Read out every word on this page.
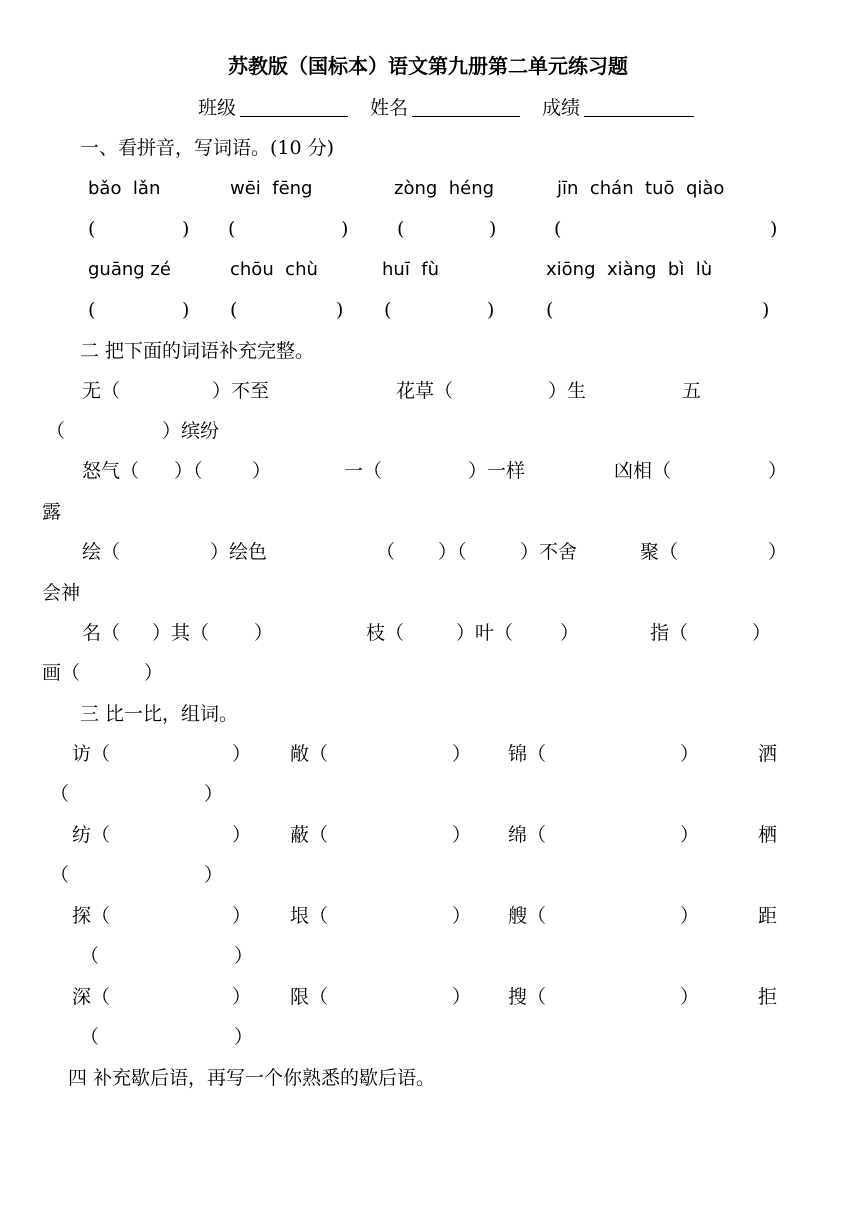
苏教版（国标本）语文第九册第二单元练习题
班级	姓名	成绩
一、看拼音，写词语。(10 分)
bǎo  lǎn	wēi  fēng	zòng  héng	jīn  chán  tuō  qiào
(	) (	)	(	)	(	)
guāng zé	chōu  chù	huī  fù	xiōng  xiàng  bì  lù
(	) (	) (	)	(	)
二 把下面的词语补充完整。
无（	）不至	花草（	）生	五
（	）缤纷
怒气（ ）（	）	一（	）一样	凶相（	）
露
绘（	）绘色	（ ）（	）不舍	聚（	）
会神
名（ ）其（ ）	枝（	）叶（ ）	指（	）
画（	）
三 比一比，组词。
访（	） 敞（	） 锦（	）	洒
（	）
纺（	） 蔽（	） 绵（	）	栖
（	）
探（	） 垠（	） 艘（	）	距
（	）
深（	） 限（	） 搜（	）	拒
（	）
四 补充歇后语，再写一个你熟悉的歇后语。
